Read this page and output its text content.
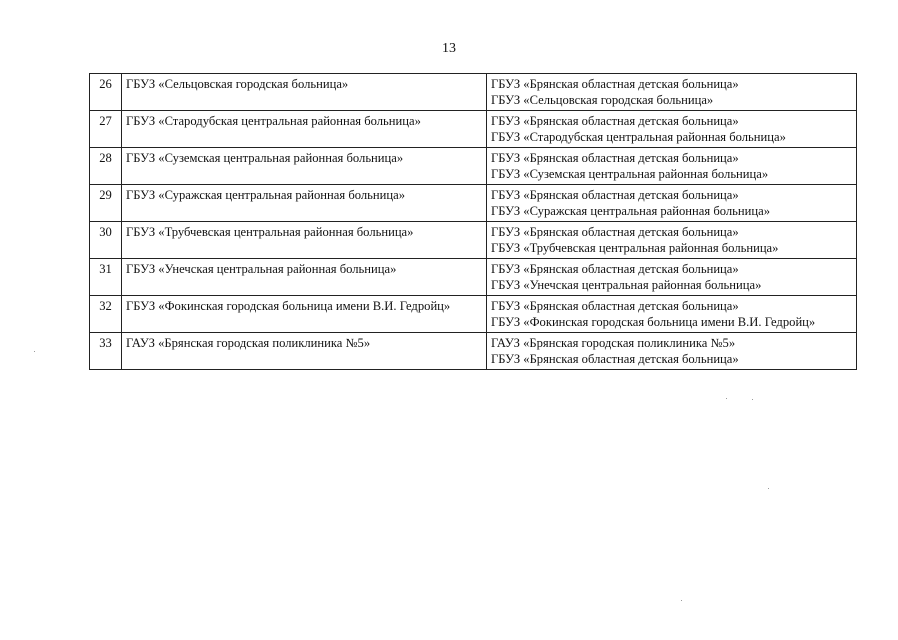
13
26	ГБУЗ «Сельцовская городская больница»	ГБУЗ «Брянская областная детская больница»
ГБУЗ «Сельцовская городская больница»

27	ГБУЗ «Стародубская центральная районная больница»	ГБУЗ «Брянская областная детская больница»
ГБУЗ «Стародубская центральная районная больница»

28	ГБУЗ «Суземская центральная районная больница»	ГБУЗ «Брянская областная детская больница»
ГБУЗ «Суземская центральная районная больница»

29	ГБУЗ «Суражская центральная районная больница»	ГБУЗ «Брянская областная детская больница»
ГБУЗ «Суражская центральная районная больница»

30	ГБУЗ «Трубчевская центральная районная больница»	ГБУЗ «Брянская областная детская больница»
ГБУЗ «Трубчевская центральная районная больница»

31	ГБУЗ «Унечская центральная районная больница»	ГБУЗ «Брянская областная детская больница»
ГБУЗ «Унечская центральная районная больница»

32	ГБУЗ «Фокинская городская больница имени В.И. Гедройц»	ГБУЗ «Брянская областная детская больница»
ГБУЗ «Фокинская городская больница имени В.И. Гедройц»

33	ГАУЗ «Брянская городская поликлиника №5»	ГАУЗ «Брянская городская поликлиника №5»
ГБУЗ «Брянская областная детская больница»
